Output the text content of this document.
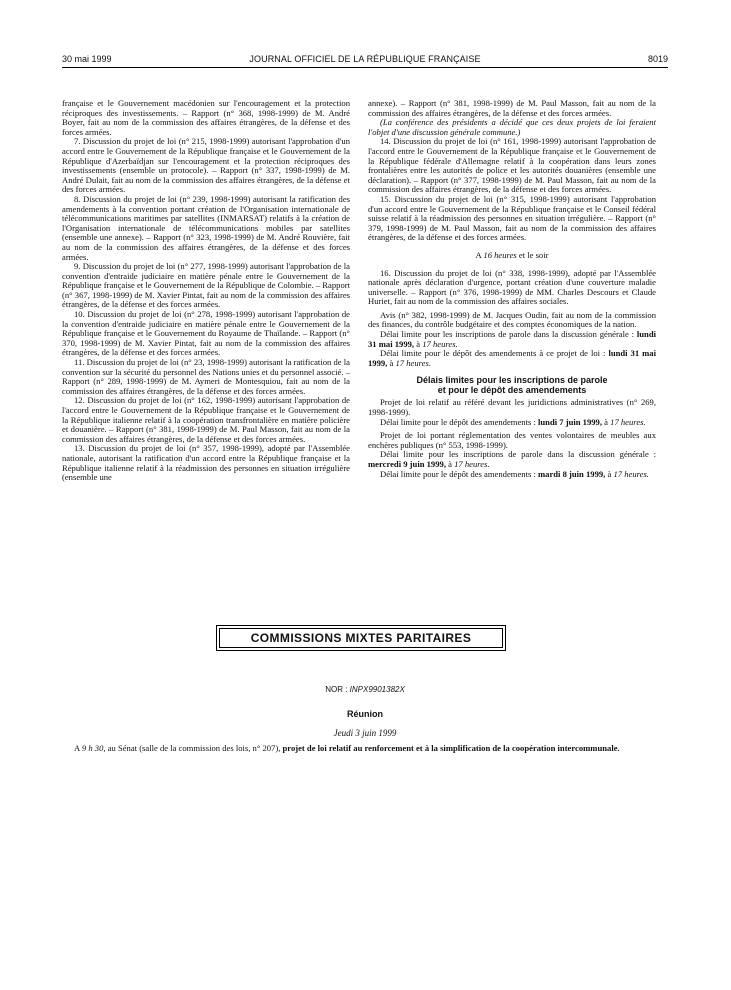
30 mai 1999	JOURNAL OFFICIEL DE LA RÉPUBLIQUE FRANÇAISE	8019

française et le Gouvernement macédonien sur l'encouragement et la protection réciproques des investissements. – Rapport (n° 368, 1998-1999) de M. André Boyer, fait au nom de la commission des affaires étrangères, de la défense et des forces armées.

7. Discussion du projet de loi (n° 215, 1998-1999) autorisant l'approbation d'un accord entre le Gouvernement de la République française et le Gouvernement de la République d'Azerbaïdjan sur l'encouragement et la protection réciproques des investissements (ensemble un protocole). – Rapport (n° 337, 1998-1999) de M. André Dulait, fait au nom de la commission des affaires étrangères, de la défense et des forces armées.

8. Discussion du projet de loi (n° 239, 1998-1999) autorisant la ratification des amendements à la convention portant création de l'Organisation internationale de télécommunications maritimes par satellites (INMARSAT) relatifs à la création de l'Organisation internationale de télécommunications mobiles par satellites (ensemble une annexe). – Rapport (n° 323, 1998-1999) de M. André Rouvière, fait au nom de la commission des affaires étrangères, de la défense et des forces armées.

9. Discussion du projet de loi (n° 277, 1998-1999) autorisant l'approbation de la convention d'entraide judiciaire en matière pénale entre le Gouvernement de la République française et le Gouvernement de la République de Colombie. – Rapport (n° 367, 1998-1999) de M. Xavier Pintat, fait au nom de la commission des affaires étrangères, de la défense et des forces armées.

10. Discussion du projet de loi (n° 278, 1998-1999) autorisant l'approbation de la convention d'entraide judiciaire en matière pénale entre le Gouvernement de la République française et le Gouvernement du Royaume de Thaïlande. – Rapport (n° 370, 1998-1999) de M. Xavier Pintat, fait au nom de la commission des affaires étrangères, de la défense et des forces armées.

11. Discussion du projet de loi (n° 23, 1998-1999) autorisant la ratification de la convention sur la sécurité du personnel des Nations unies et du personnel associé. – Rapport (n° 289, 1998-1999) de M. Aymeri de Montesquiou, fait au nom de la commission des affaires étrangères, de la défense et des forces armées.

12. Discussion du projet de loi (n° 162, 1998-1999) autorisant l'approbation de l'accord entre le Gouvernement de la République française et le Gouvernement de la République italienne relatif à la coopération transfrontalière en matière policière et douanière. – Rapport (n° 381, 1998-1999) de M. Paul Masson, fait au nom de la commission des affaires étrangères, de la défense et des forces armées.

13. Discussion du projet de loi (n° 357, 1998-1999), adopté par l'Assemblée nationale, autorisant la ratification d'un accord entre la République française et la République italienne relatif à la réadmission des personnes en situation irrégulière (ensemble une

annexe). – Rapport (n° 381, 1998-1999) de M. Paul Masson, fait au nom de la commission des affaires étrangères, de la défense et des forces armées.

(La conférence des présidents a décidé que ces deux projets de loi feraient l'objet d'une discussion générale commune.)

14. Discussion du projet de loi (n° 161, 1998-1999) autorisant l'approbation de l'accord entre le Gouvernement de la République française et le Gouvernement de la République fédérale d'Allemagne relatif à la coopération dans leurs zones frontalières entre les autorités de police et les autorités douanières (ensemble une déclaration). – Rapport (n° 377, 1998-1999) de M. Paul Masson, fait au nom de la commission des affaires étrangères, de la défense et des forces armées.

15. Discussion du projet de loi (n° 315, 1998-1999) autorisant l'approbation d'un accord entre le Gouvernement de la République française et le Conseil fédéral suisse relatif à la réadmission des personnes en situation irrégulière. – Rapport (n° 379, 1998-1999) de M. Paul Masson, fait au nom de la commission des affaires étrangères, de la défense et des forces armées.

A 16 heures et le soir

16. Discussion du projet de loi (n° 338, 1998-1999), adopté par l'Assemblée nationale après déclaration d'urgence, portant création d'une couverture maladie universelle. – Rapport (n° 376, 1998-1999) de MM. Charles Descours et Claude Huriet, fait au nom de la commission des affaires sociales.

Avis (n° 382, 1998-1999) de M. Jacques Oudin, fait au nom de la commission des finances, du contrôle budgétaire et des comptes économiques de la nation.

Délai limite pour les inscriptions de parole dans la discussion générale : lundi 31 mai 1999, à 17 heures.

Délai limite pour le dépôt des amendements à ce projet de loi : lundi 31 mai 1999, à 17 heures.

Délais limites pour les inscriptions de parole
et pour le dépôt des amendements

Projet de loi relatif au référé devant les juridictions administratives (n° 269, 1998-1999).

Délai limite pour le dépôt des amendements : lundi 7 juin 1999, à 17 heures.

Projet de loi portant réglementation des ventes volontaires de meubles aux enchères publiques (n° 553, 1998-1999).

Délai limite pour les inscriptions de parole dans la discussion générale : mercredi 9 juin 1999, à 17 heures.

Délai limite pour le dépôt des amendements : mardi 8 juin 1999, à 17 heures.

COMMISSIONS MIXTES PARITAIRES
NOR : INPX9901382X
Réunion
Jeudi 3 juin 1999
A 9 h 30, au Sénat (salle de la commission des lois, n° 207), projet de loi relatif au renforcement et à la simplification de la coopération intercommunale.
